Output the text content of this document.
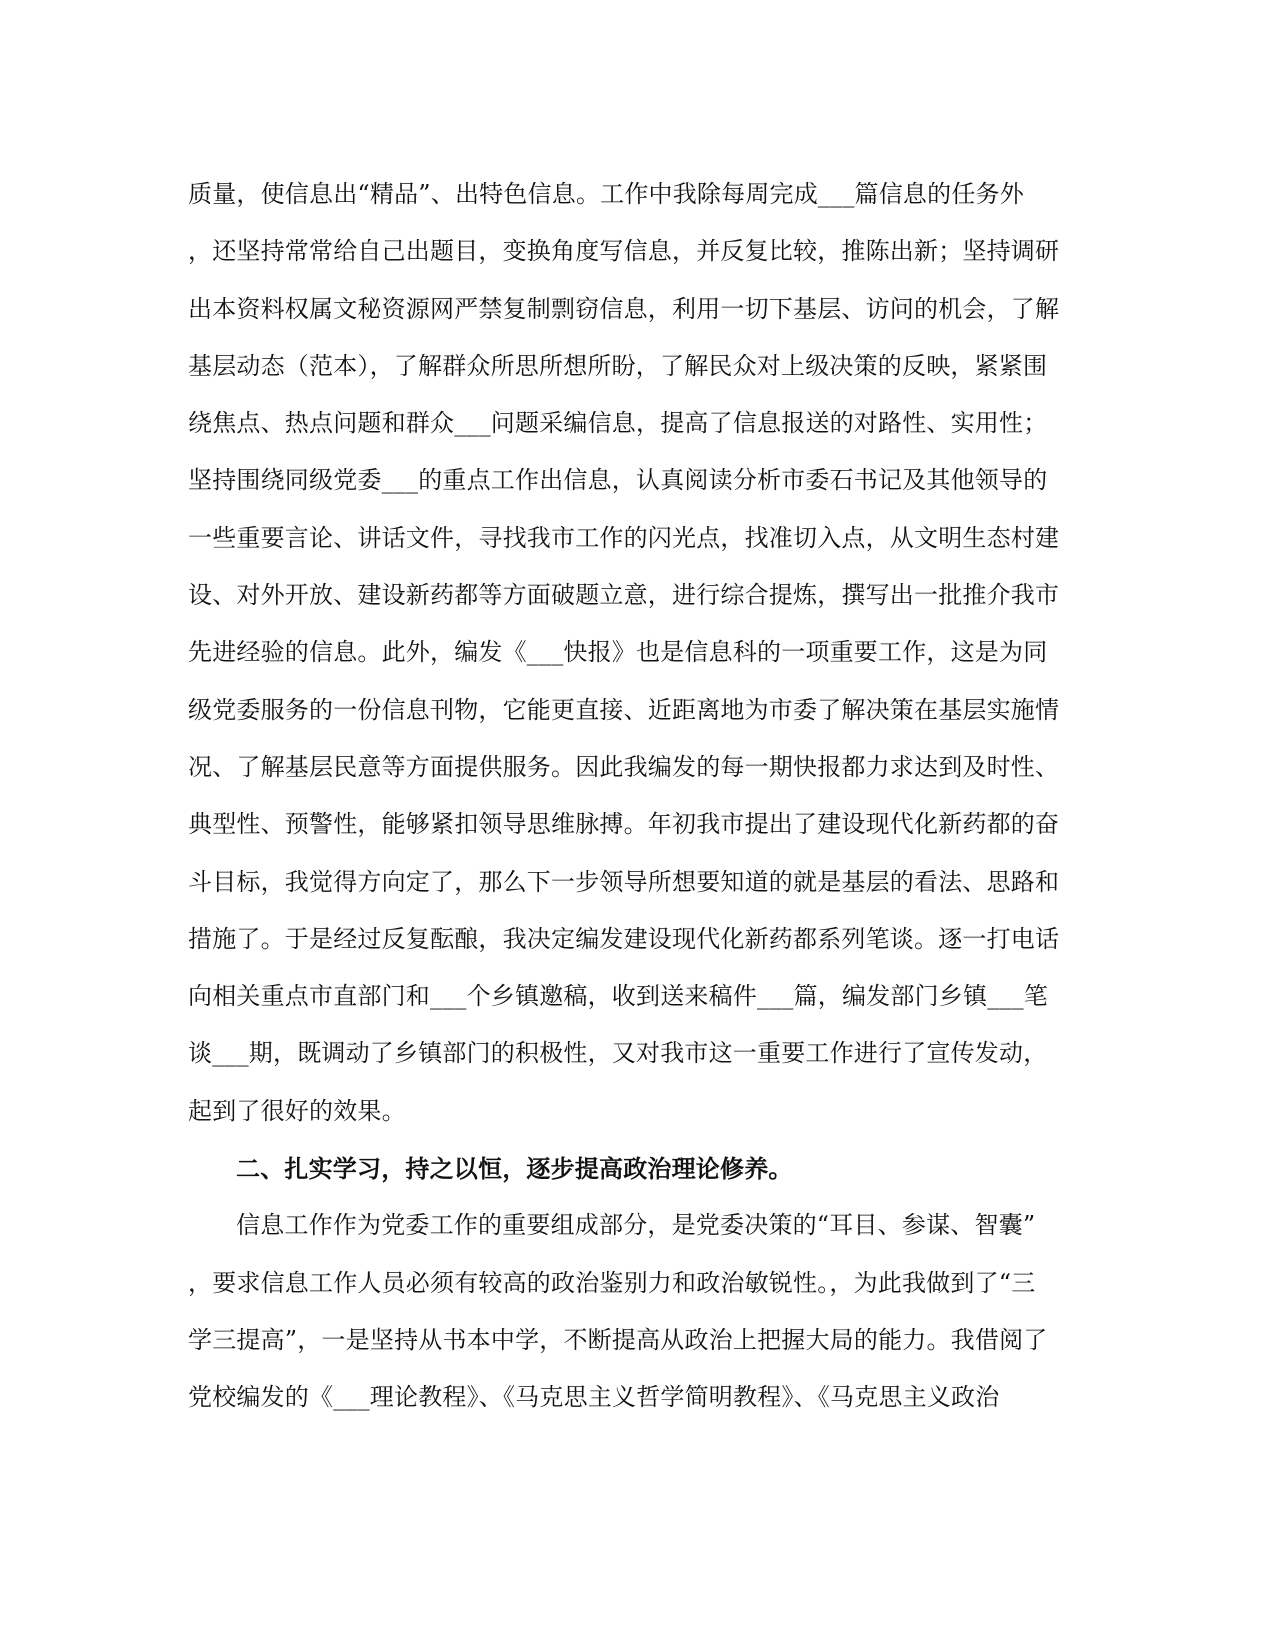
质量，使信息出“精品”、出特色信息。工作中我除每周完成___篇信息的任务外
，还坚持常常给自己出题目，变换角度写信息，并反复比较，推陈出新；坚持调研
出本资料权属文秘资源网严禁复制剽窃信息，利用一切下基层、访问的机会，了解
基层动态（范本），了解群众所思所想所盼，了解民众对上级决策的反映，紧紧围
绕焦点、热点问题和群众___问题采编信息，提高了信息报送的对路性、实用性；
坚持围绕同级党委___的重点工作出信息，认真阅读分析市委石书记及其他领导的
一些重要言论、讲话文件，寻找我市工作的闪光点，找准切入点，从文明生态村建
设、对外开放、建设新药都等方面破题立意，进行综合提炼，撰写出一批推介我市
先进经验的信息。此外，编发《___快报》也是信息科的一项重要工作，这是为同
级党委服务的一份信息刊物，它能更直接、近距离地为市委了解决策在基层实施情
况、了解基层民意等方面提供服务。因此我编发的每一期快报都力求达到及时性、
典型性、预警性，能够紧扣领导思维脉搏。年初我市提出了建设现代化新药都的奋
斗目标，我觉得方向定了，那么下一步领导所想要知道的就是基层的看法、思路和
措施了。于是经过反复酝酿，我决定编发建设现代化新药都系列笔谈。逐一打电话
向相关重点市直部门和___个乡镇邀稿，收到送来稿件___篇，编发部门乡镇___笔
谈___期，既调动了乡镇部门的积极性，又对我市这一重要工作进行了宣传发动，
起到了很好的效果。
二、扎实学习，持之以恒，逐步提高政治理论修养。
信息工作作为党委工作的重要组成部分，是党委决策的“耳目、参谋、智囊”
，要求信息工作人员必须有较高的政治鉴别力和政治敏锐性。，为此我做到了“三
学三提高”，一是坚持从书本中学，不断提高从政治上把握大局的能力。我借阅了
党校编发的《___理论教程》、《马克思主义哲学简明教程》、《马克思主义政治
